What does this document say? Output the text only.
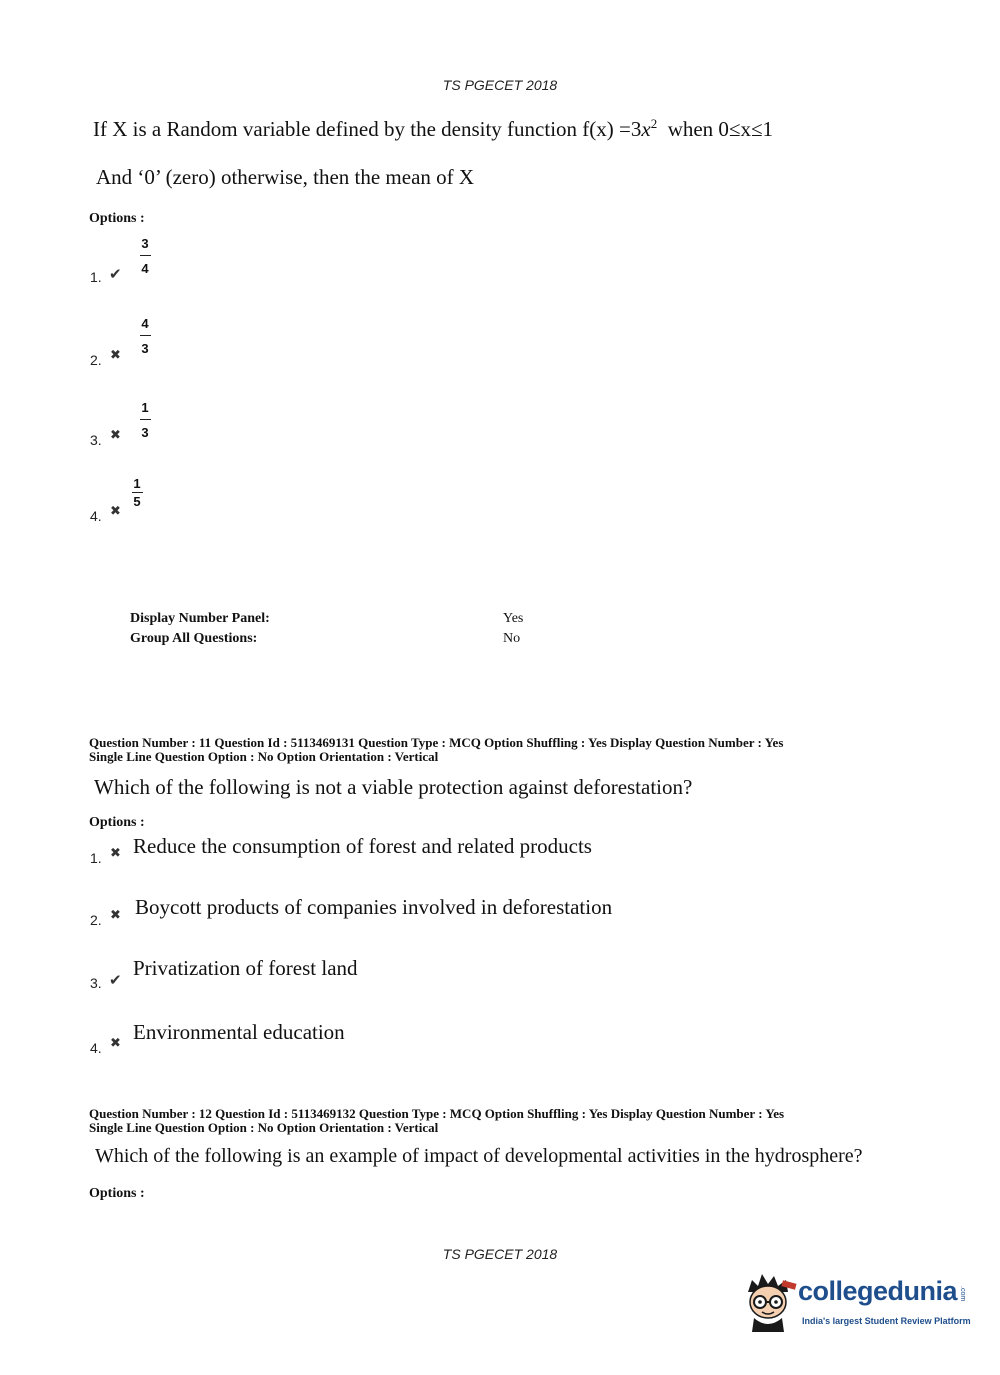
TS PGECET 2018
If X is a Random variable defined by the density function $f(x) =3x^2$ when 0≤x≤1
And ‘0’ (zero) otherwise, then the mean of X
Options :
1. ✔
3
4
2. ✖
4
3
3. ✖
1
3
4. ✖
1
5
Display Number Panel:	Yes
Group All Questions:	No
Question Number : 11 Question Id : 5113469131 Question Type : MCQ Option Shuffling : Yes Display Question Number : Yes
Single Line Question Option : No Option Orientation : Vertical
Which of the following is not a viable protection against deforestation?
Options :
1. ✖ Reduce the consumption of forest and related products
2. ✖ Boycott products of companies involved in deforestation
3. ✔ Privatization of forest land
4. ✖ Environmental education
Question Number : 12 Question Id : 5113469132 Question Type : MCQ Option Shuffling : Yes Display Question Number : Yes
Single Line Question Option : No Option Orientation : Vertical
Which of the following is an example of impact of developmental activities in the hydrosphere?
Options :
TS PGECET 2018
collegedunia .com
India's largest Student Review Platform
